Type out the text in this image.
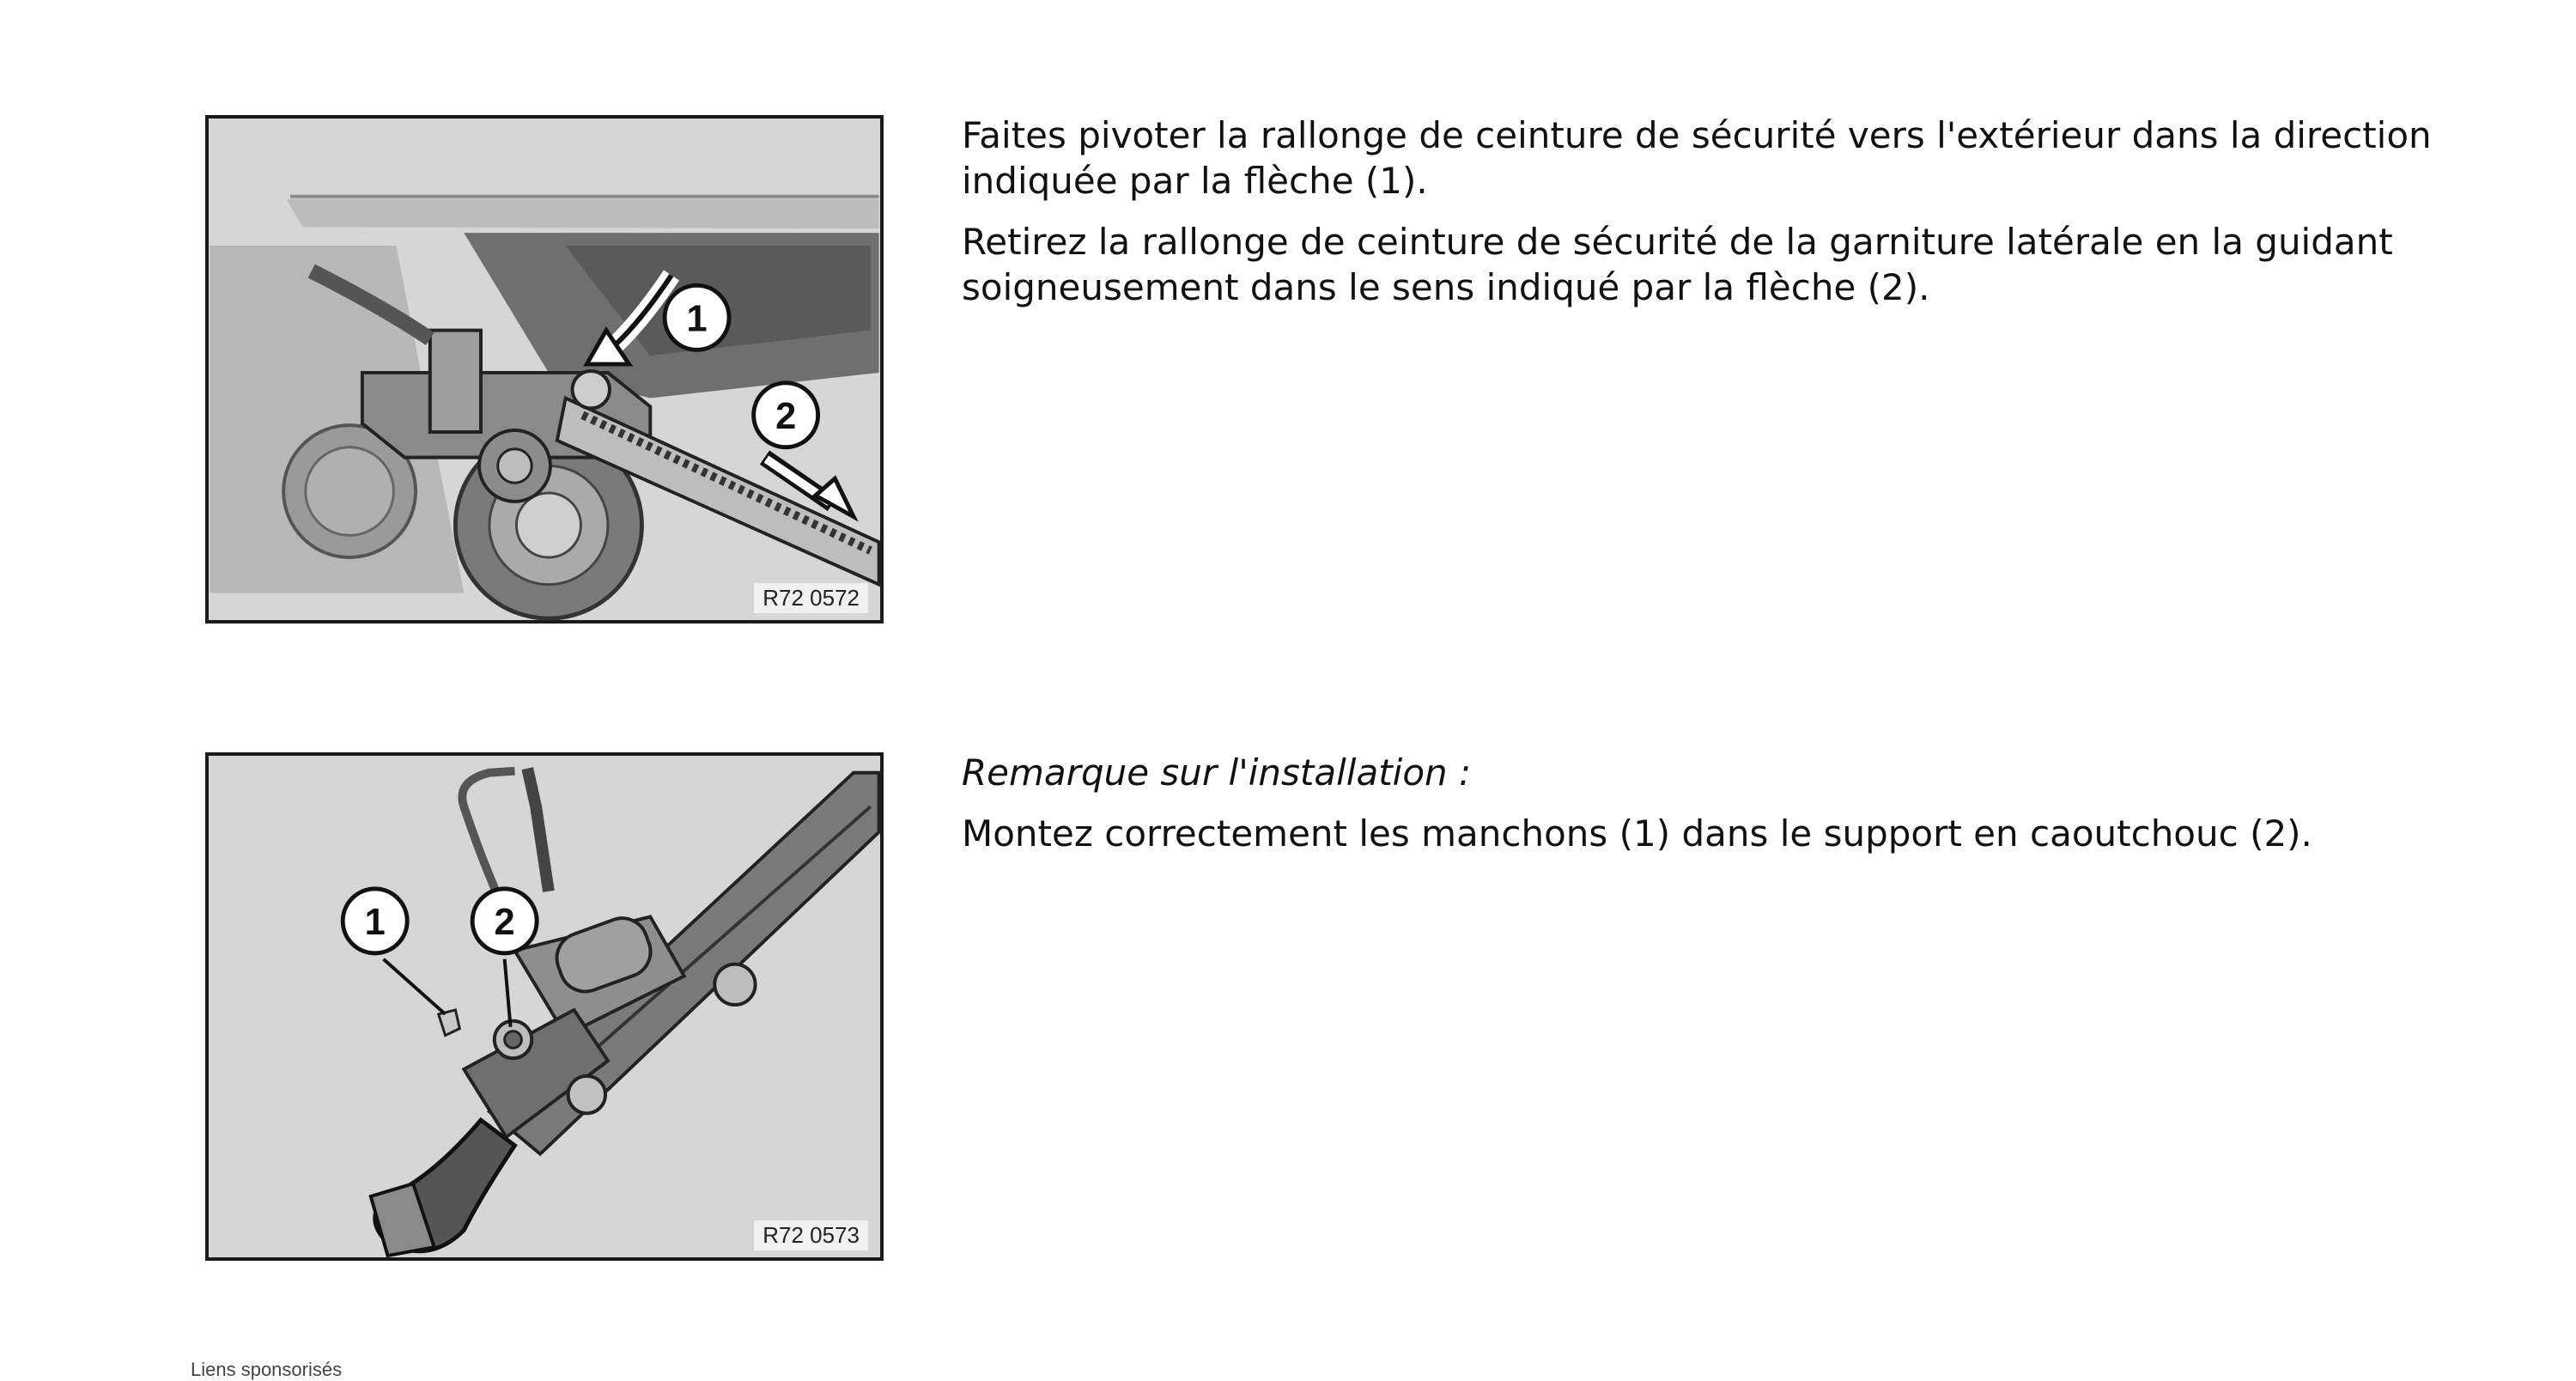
1
2
R72 0572

Faites pivoter la rallonge de ceinture de sécurité vers l'extérieur dans la direction indiquée par la flèche (1).

Retirez la rallonge de ceinture de sécurité de la garniture latérale en la guidant soigneusement dans le sens indiqué par la flèche (2).

1	2
R72 0573

Remarque sur l'installation :

Montez correctement les manchons (1) dans le support en caoutchouc (2).

Liens sponsorisés
